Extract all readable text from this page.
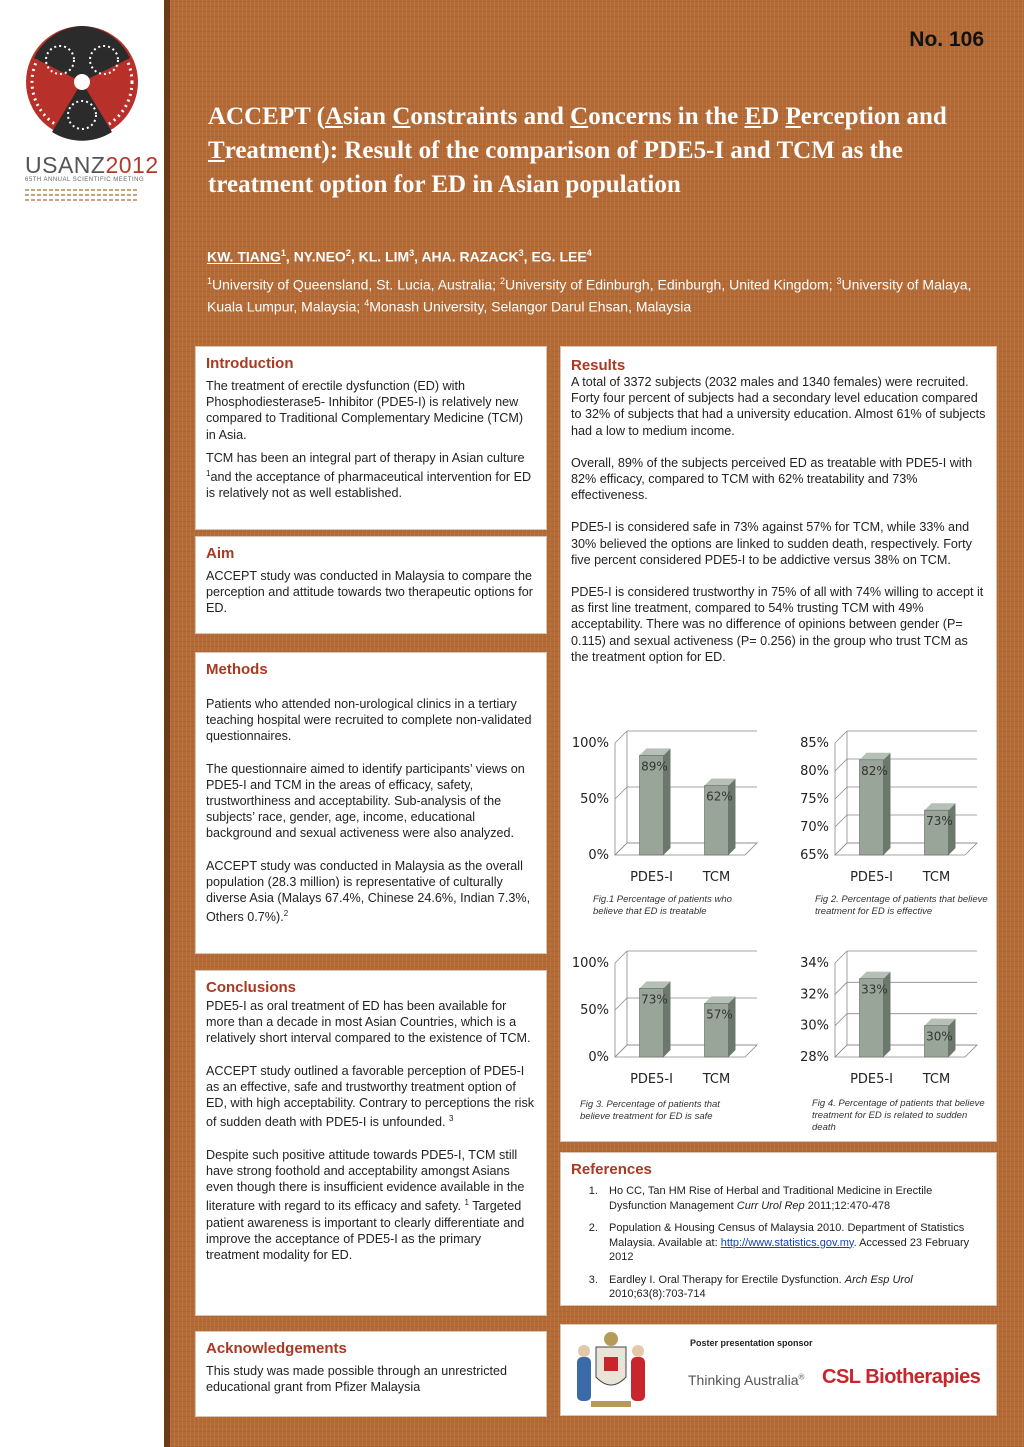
USANZ2012
65TH ANNUAL SCIENTIFIC MEETING
No. 106
ACCEPT (Asian Constraints and Concerns in the ED Perception and Treatment): Result of the comparison of PDE5-I and TCM as the treatment option for ED in Asian population
KW. TIANG$^1$, NY.NEO$^2$, KL. LIM$^3$, AHA. RAZACK$^3$, EG. LEE$^4$
$^1$University of Queensland, St. Lucia, Australia; $^2$University of Edinburgh, Edinburgh, United Kingdom; $^3$University of Malaya, Kuala Lumpur, Malaysia; $^4$Monash University, Selangor Darul Ehsan, Malaysia
Introduction

The treatment of erectile dysfunction (ED) with Phosphodiesterase5- Inhibitor (PDE5-I) is relatively new compared to Traditional Complementary Medicine (TCM) in Asia.

TCM has been an integral part of therapy in Asian culture $^1$and the acceptance of pharmaceutical intervention for ED is relatively not as well established.

Aim

ACCEPT study was conducted in Malaysia to compare the perception and attitude towards two therapeutic options for ED.

Methods

Patients who attended non-urological clinics in a tertiary teaching hospital were recruited to complete non-validated questionnaires.

The questionnaire aimed to identify participants’ views on PDE5-I and TCM in the areas of efficacy, safety, trustworthiness and acceptability. Sub-analysis of the subjects’ race, gender, age, income, educational background and sexual activeness were also analyzed.

ACCEPT study was conducted in Malaysia as the overall population (28.3 million) is representative of culturally diverse Asia (Malays 67.4%, Chinese 24.6%, Indian 7.3%, Others 0.7%).$^2$

Conclusions

PDE5-I as oral treatment of ED has been available for more than a decade in most Asian Countries, which is a relatively short interval compared to the existence of TCM.

ACCEPT study outlined a favorable perception of PDE5-I as an effective, safe and trustworthy treatment option of ED, with high acceptability. Contrary to perceptions the risk of sudden death with PDE5-I is unfounded. $^3$

Despite such positive attitude towards PDE5-I, TCM still have strong foothold and acceptability amongst Asians even though there is insufficient evidence available in the literature with regard to its efficacy and safety. $^1$ Targeted patient awareness is important to clearly differentiate and improve the acceptance of PDE5-I as the primary treatment modality for ED.

Acknowledgements

This study was made possible through an unrestricted educational grant from Pfizer Malaysia

Results

A total of 3372 subjects (2032 males and 1340 females) were recruited. Forty four percent of subjects had a secondary level education compared to 32% of subjects that had a university education. Almost 61% of subjects had a low to medium income.

Overall, 89% of the subjects perceived ED as treatable with PDE5-I with 82% efficacy, compared to TCM with 62% treatability and 73% effectiveness.

PDE5-I is considered safe in 73% against 57% for TCM, while 33% and 30% believed the options are linked to sudden death, respectively. Forty five percent considered PDE5-I to be addictive versus 38% on TCM.

PDE5-I is considered trustworthy in 75% of all with 74% willing to accept it as first line treatment, compared to 54% trusting TCM with 49% acceptability. There was no difference of opinions between gender (P= 0.115) and sexual activeness (P= 0.256) in the group who trust TCM as the treatment option for ED.

0%
50%
100%
89%
PDE5-I
62%
TCM
65%
70%
75%
80%
85%
82%
PDE5-I
73%
TCM
0%
50%
100%
73%
PDE5-I
57%
TCM
28%
30%
32%
34%
33%
PDE5-I
30%
TCM
Fig.1 Percentage of patients who believe that ED is treatable
Fig 2. Percentage of patients that believe treatment for ED is effective
Fig 3. Percentage of patients that believe treatment for ED is safe
Fig 4. Percentage of patients that believe treatment for ED is related to sudden death
References
1. Ho CC, Tan HM Rise of Herbal and Traditional Medicine in Erectile Dysfunction Management Curr Urol Rep 2011;12:470-478
2. Population & Housing Census of Malaysia 2010. Department of Statistics Malaysia. Available at: http://www.statistics.gov.my. Accessed 23 February 2012
3. Eardley I. Oral Therapy for Erectile Dysfunction. Arch Esp Urol 2010;63(8):703-714
Poster presentation sponsor
Thinking Australia® CSL Biotherapies
